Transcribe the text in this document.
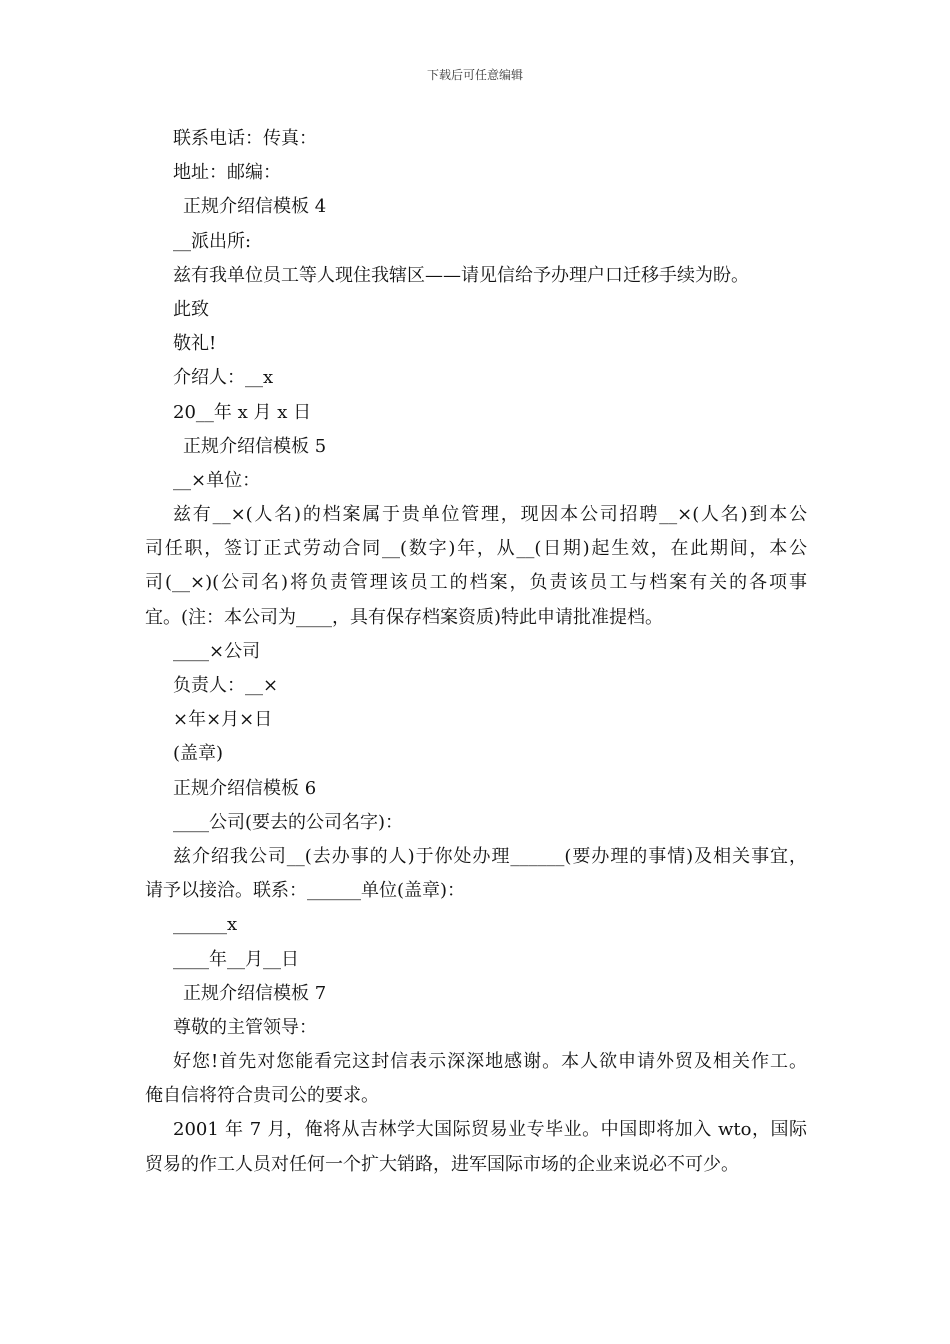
下载后可任意编辑
联系电话：传真：
地址：邮编：
正规介绍信模板 4
__派出所:
兹有我单位员工等人现住我辖区——请见信给予办理户口迁移手续为盼。
此致
敬礼!
介绍人：__x
20__年 x 月 x 日
正规介绍信模板 5
__×单位：
兹有__×(人名)的档案属于贵单位管理，现因本公司招聘__×(人名)到本公
司任职，签订正式劳动合同__(数字)年，从__(日期)起生效，在此期间，本公
司(__×)(公司名)将负责管理该员工的档案，负责该员工与档案有关的各项事
宜。(注：本公司为____，具有保存档案资质)特此申请批准提档。
____×公司
负责人：__×
×年×月×日
(盖章)
正规介绍信模板 6
____公司(要去的公司名字)：
兹介绍我公司__(去办事的人)于你处办理______(要办理的事情)及相关事宜，
请予以接洽。联系：______单位(盖章)：
______x
____年__月__日
正规介绍信模板 7
尊敬的主管领导：
好您!首先对您能看完这封信表示深深地感谢。本人欲申请外贸及相关作工。
俺自信将符合贵司公的要求。
2001 年 7 月，俺将从吉林学大国际贸易业专毕业。中国即将加入 wto，国际
贸易的作工人员对任何一个扩大销路，进军国际市场的企业来说必不可少。
